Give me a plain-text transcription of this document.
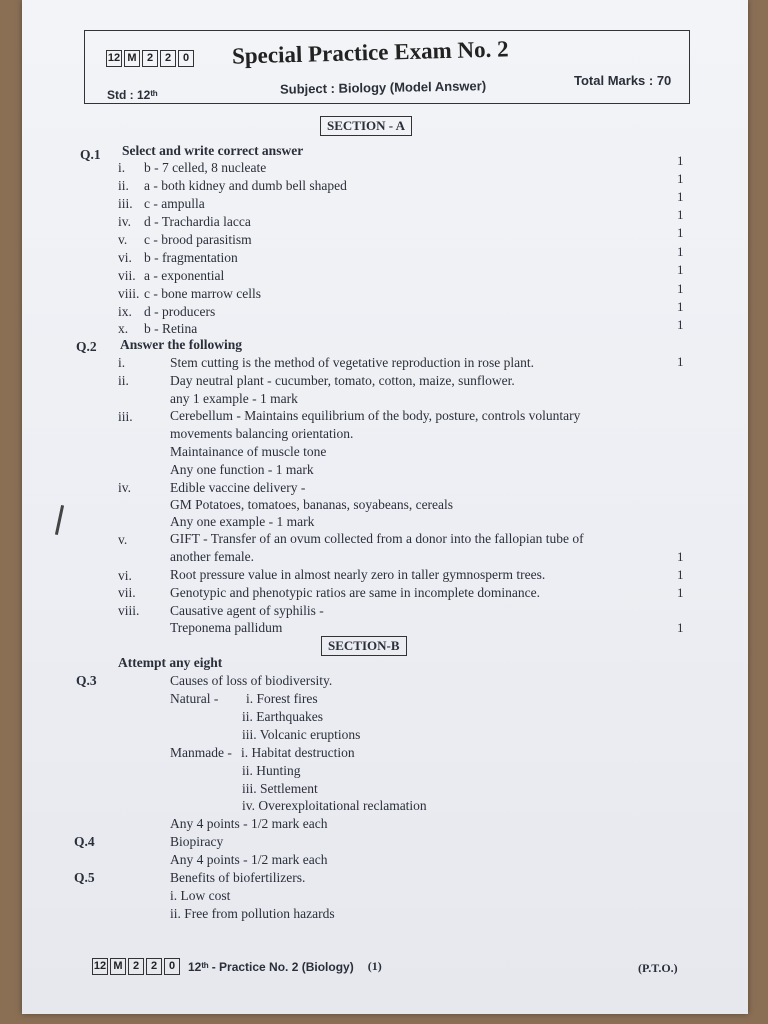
12 M 2	2	0 Special Practice Exam No. 2
Subject : Biology (Model Answer)
Std : 12ᵗʰ
Total Marks : 70
SECTION - A
Q.1 Select and write correct answer
i. b - 7 celled, 8 nucleate	1
ii. a - both kidney and dumb bell shaped	1
iii. c - ampulla	1
iv. d - Trachardia lacca	1
v. c - brood parasitism	1
vi. b - fragmentation	1
vii. a - exponential	1
viii. c - bone marrow cells	1
ix. d - producers	1
x. b - Retina	1
Q.2 Answer the following
i.	Stem cutting is the method of vegetative reproduction in rose plant.	1
ii.	Day neutral plant - cucumber, tomato, cotton, maize, sunflower.
any 1 example - 1 mark
iii.	Cerebellum - Maintains equilibrium of the body, posture, controls voluntary
movements balancing orientation.
Maintainance of muscle tone
Any one function - 1 mark
iv.	Edible vaccine delivery -
GM Potatoes, tomatoes, bananas, soyabeans, cereals
Any one example - 1 mark
v.	GIFT - Transfer of an ovum collected from a donor into the fallopian tube of
another female.	1
vi.	Root pressure value in almost nearly zero in taller gymnosperm trees.	1
vii.	Genotypic and phenotypic ratios are same in incomplete dominance.	1
viii. Causative agent of syphilis -
Treponema pallidum	1
SECTION-B
Attempt any eight
Q.3	Causes of loss of biodiversity.
Natural - i. Forest fires
ii. Earthquakes
iii. Volcanic eruptions
Manmade - i. Habitat destruction
ii. Hunting
iii. Settlement
iv. Overexploitational reclamation
Any 4 points - 1/2 mark each
Q.4	Biopiracy
Any 4 points - 1/2 mark each
Q.5	Benefits of biofertilizers.
i. Low cost
ii. Free from pollution hazards
12 M 2	2	0	12ᵗʰ - Practice No. 2 (Biology) (1)	(P.T.O.)
